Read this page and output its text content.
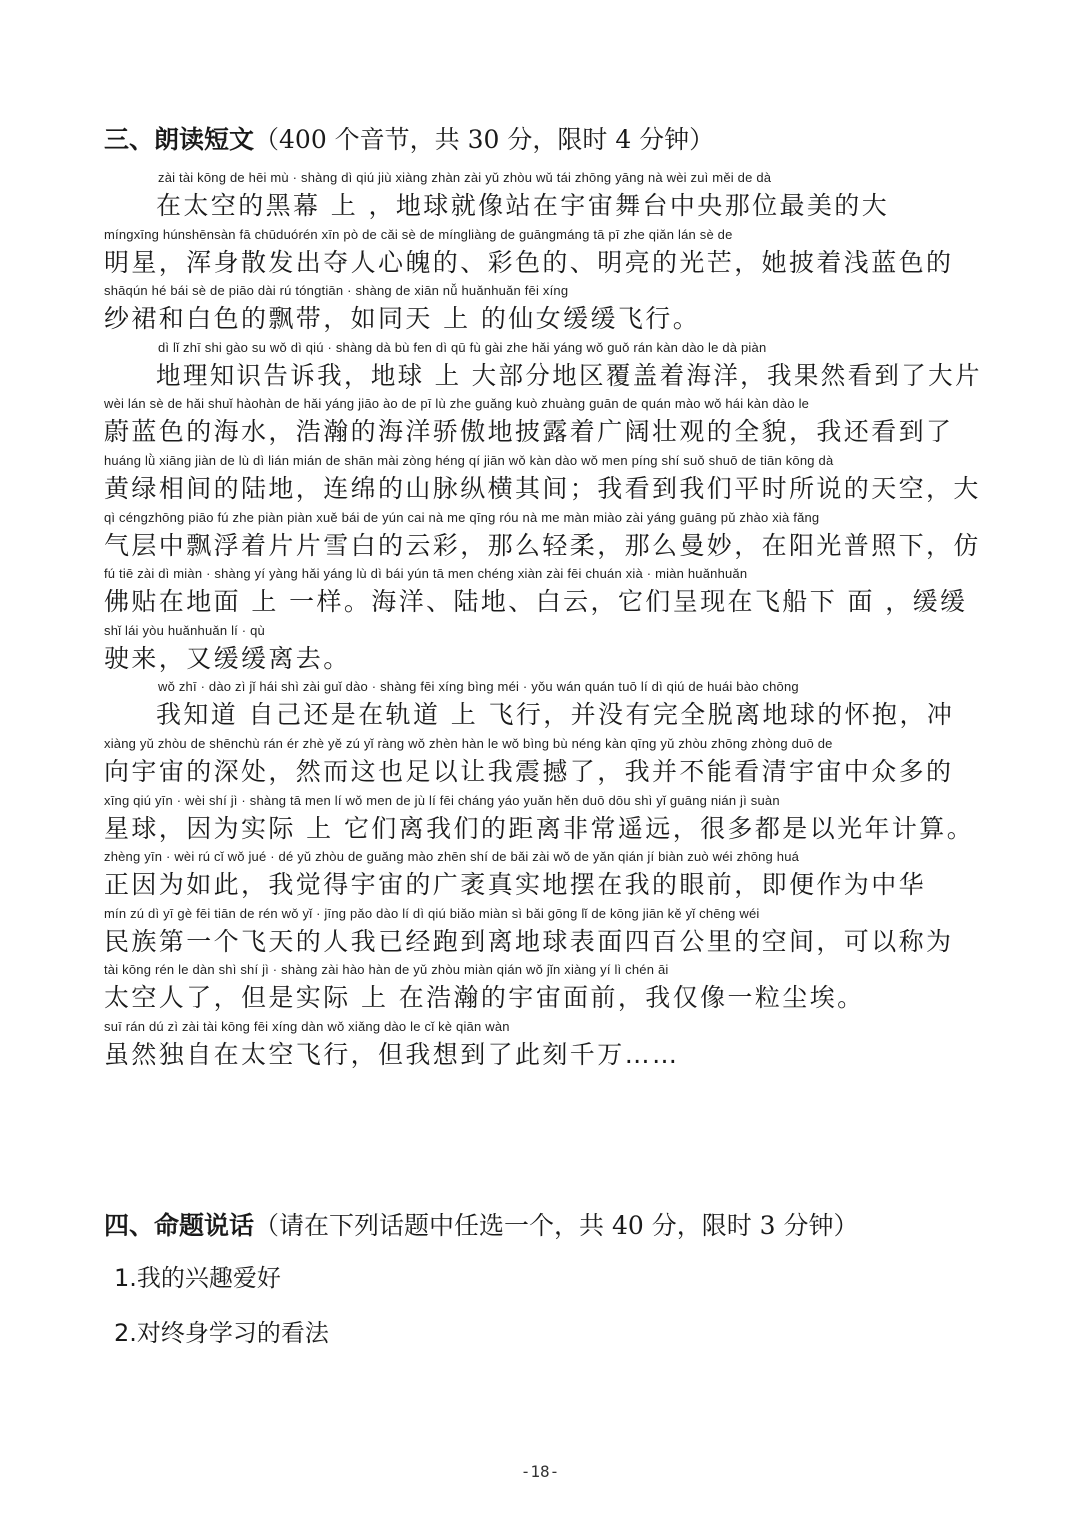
三、朗读短文（400 个音节，共 30 分，限时 4 分钟）
zài tài kōng de hēi mù · shàng dì qiú jiù xiàng zhàn zài yǔ zhòu wǔ tái zhōng yāng nà wèi zuì měi de dà
在太空的黑幕 上 ，地球就像站在宇宙舞台中央那位最美的大
míngxīng húnshēnsàn fā chūduórén xīn pò de cǎi sè de míngliàng de guāngmáng tā pī zhe qiǎn lán sè de
明星，浑身散发出夺人心魄的、彩色的、明亮的光芒，她披着浅蓝色的
shāqún hé bái sè de piāo dài rú tóngtiān · shàng de xiān nǚ huǎnhuǎn fēi xíng
纱裙和白色的飘带，如同天 上 的仙女缓缓飞行。
dì lǐ zhī shi gào su wǒ dì qiú · shàng dà bù fen dì qū fù gài zhe hǎi yáng wǒ guǒ rán kàn dào le dà piàn
地理知识告诉我，地球 上 大部分地区覆盖着海洋，我果然看到了大片
wèi lán sè de hǎi shuǐ hàohàn de hǎi yáng jiāo ào de pī lù zhe guǎng kuò zhuàng guān de quán mào wǒ hái kàn dào le
蔚蓝色的海水，浩瀚的海洋骄傲地披露着广阔壮观的全貌，我还看到了
huáng lǜ xiāng jiàn de lù dì lián mián de shān mài zòng héng qí jiān wǒ kàn dào wǒ men píng shí suǒ shuō de tiān kōng dà
黄绿相间的陆地，连绵的山脉纵横其间；我看到我们平时所说的天空，大
qì céngzhōng piāo fú zhe piàn piàn xuě bái de yún cai nà me qīng róu nà me màn miào zài yáng guāng pǔ zhào xià fǎng
气层中飘浮着片片雪白的云彩，那么轻柔，那么曼妙，在阳光普照下，仿
fú tiē zài dì miàn · shàng yí yàng hǎi yáng lù dì bái yún tā men chéng xiàn zài fēi chuán xià · miàn huǎnhuǎn
佛贴在地面 上 一样。海洋、陆地、白云，它们呈现在飞船下 面 ，缓缓
shǐ lái yòu huǎnhuǎn lí · qù
驶来，又缓缓离去。
wǒ zhī · dào zì jǐ hái shì zài guǐ dào · shàng fēi xíng bìng méi · yǒu wán quán tuō lí dì qiú de huái bào chōng
我知道 自己还是在轨道 上 飞行，并没有完全脱离地球的怀抱，冲
xiàng yǔ zhòu de shēnchù rán ér zhè yě zú yǐ ràng wǒ zhèn hàn le wǒ bìng bù néng kàn qīng yǔ zhòu zhōng zhòng duō de
向宇宙的深处，然而这也足以让我震撼了，我并不能看清宇宙中众多的
xīng qiú yīn · wèi shí jì · shàng tā men lí wǒ men de jù lí fēi cháng yáo yuǎn hěn duō dōu shì yǐ guāng nián jì suàn
星球，因为实际 上 它们离我们的距离非常遥远，很多都是以光年计算。
zhèng yīn · wèi rú cǐ wǒ jué · dé yǔ zhòu de guǎng mào zhēn shí de bǎi zài wǒ de yǎn qián jí biàn zuò wéi zhōng huá
正因为如此，我觉得宇宙的广袤真实地摆在我的眼前，即便作为中华
mín zú dì yī gè fēi tiān de rén wǒ yǐ · jīng pǎo dào lí dì qiú biǎo miàn sì bǎi gōng lǐ de kōng jiān kě yǐ chēng wéi
民族第一个飞天的人我已经跑到离地球表面四百公里的空间，可以称为
tài kōng rén le dàn shì shí jì · shàng zài hào hàn de yǔ zhòu miàn qián wǒ jǐn xiàng yí lì chén āi
太空人了，但是实际 上 在浩瀚的宇宙面前，我仅像一粒尘埃。
suī rán dú zì zài tài kōng fēi xíng dàn wǒ xiǎng dào le cǐ kè qiān wàn
虽然独自在太空飞行，但我想到了此刻千万……
四、命题说话（请在下列话题中任选一个，共 40 分，限时 3 分钟）
1.我的兴趣爱好
2.对终身学习的看法
-18-
